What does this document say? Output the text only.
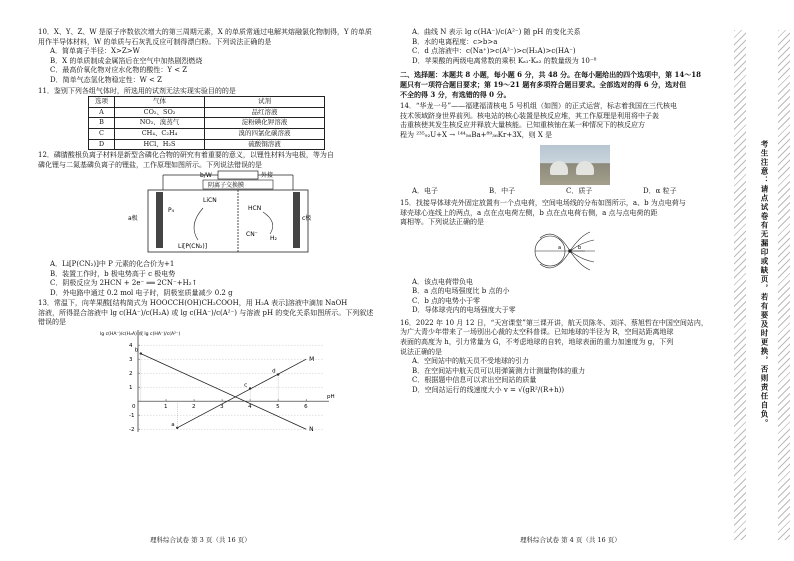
10．X、Y、Z、W 是原子序数依次增大的第三周期元素，X 的单质常通过电解其熔融氯化物制得，Y 的单质用作半导体材料，W 的单质与石灰乳反应可制得漂白粉。下列说法正确的是
A．简单离子半径：X>Z>W
B．X 的单质制成金属箔后在空气中加热剧烈燃烧
C．最高价氧化物对应水化物的酸性：Y < Z
D．简单气态氢化物稳定性：W < Z
11．鉴别下列各组气体时，所选用的试剂无法实现实验目的的是
选项	气体	试剂
A	CO₂、SO₂	品红溶液
B	NO₂、溴蒸气	淀粉碘化钾溶液
C	CH₄、C₂H₄	溴的四氯化碳溶液
D	HCl、H₂S	硫酸铜溶液
12．磷腈酸根负离子材料是新型含磷化合物的研究有着重要的意义，以锂性材料为电极，等为自
磷化锂与二氮基磷负离子的锂盐，工作原理如图所示。下列说法错误的是
b/W	外接
阴离子交换膜
a极	c极
LiCN
P₄
Li[P(CN₂)]
HCN
CN⁻
H₂
A．Li[P(CN₂)]中 P 元素的化合价为+1
B．装置工作时，b 极电势高于 c 极电势
C．阴极反应为 2HCN + 2e⁻ ══ 2CN⁻+H₂↑
D．外电路中通过 0.2 mol 电子时，阴极室质量减少 0.2 g
13．常温下，向苹果酸[结构简式为 HOOCCH(OH)CH₂COOH，用 H₂A 表示]溶液中滴加 NaOH
溶液，所得混合溶液中 lg c(HA⁻)/c(H₂A) 或 lg c(HA⁻)/c(A²⁻) 与溶液 pH 的变化关系如图所示。下列叙述
错误的是
0	1	2	3	4	5	6
-2
-1
1
2
3
4
pH
lg c(HA⁻)/c(H₂A) 或 lg c(HA⁻)/c(A²⁻)
M
N
a
b
c
d
理科综合试卷 第 3 页（共 16 页）
A．曲线 N 表示 lg c(HA⁻)/c(A²⁻) 随 pH 的变化关系
B．水的电离程度：c>b>a
C．d 点溶液中：c(Na⁺)>c(A²⁻)>c(H₂A)>c(HA⁻)
D．苹果酸的两级电离常数的乘积 Kₐ₁·Kₐ₂ 的数量级为 10⁻⁸
二、选择题：本题共 8 小题，每小题 6 分，共 48 分。在每小题给出的四个选项中，第 14～18
题只有一项符合题目要求；第 19～21 题有多项符合题目要求。全部选对的得 6 分，选对但
不全的得 3 分，有选错的得 0 分。
14．“华龙一号”——福建福清核电 5 号机组（如图）的正式运营，标志着我国在三代核电
技术领域跻身世界前列。核电站的核心装置是核反应堆，其工作原理是利用将中子轰
击重核使其发生核反应并释放大量核能。已知重核铀在某一种情况下的核反应方
程为 ²³⁵₉₂U+X → ¹⁴⁴₅₆Ba+⁸⁹₃₆Kr+3X，则 X 是
A．电子	B．中子	C．质子	D．α 粒子
15．找接导体球壳外固定放置有一个点电荷，空间电场线的分布如图所示，a、b 为点电荷与
球壳球心连线上的两点，a 点在点电荷左侧，b 点在点电荷右侧，a 点与点电荷的距
离相等。下列说法正确的是
a	b
A．该点电荷带负电
B．a 点的电场强度比 b 点的小
C．b 点的电势小于零
D．导体球壳内的电场强度大于零
16．2022 年 10 月 12 日，“天宫课堂”第三课开讲，航天员陈冬、刘洋、蔡旭哲在中国空间站内，
为广大青少年带来了一场别出心裁的太空科普课。已知地球的半径为 R，空间站距离地球
表面的高度为 h，引力常量为 G，不考虑地球的自转，地球表面的重力加速度为 g，下列
说法正确的是
A．空间站中的航天员不受地球的引力
B．在空间站中航天员可以用弹簧测力计测量物体的重力
C．根据题中信息可以求出空间站的质量
D．空间站运行的线速度大小 v = √(gR²/(R+h))
理科综合试卷 第 4 页（共 16 页）
考生注意：请点试卷有无漏印或缺页，若有要及时更换，否则责任自负。
